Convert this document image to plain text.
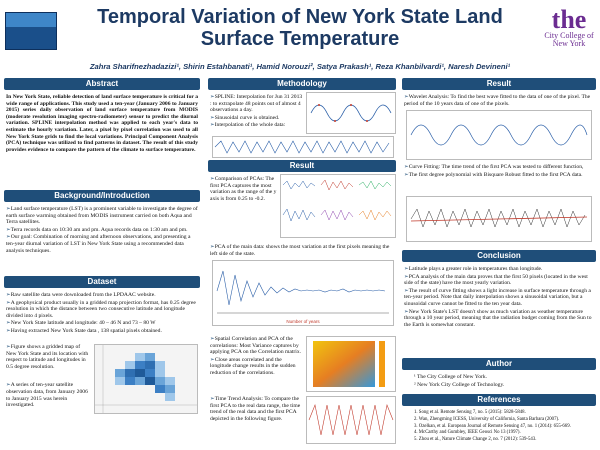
Temporal Variation of New York State Land Surface Temperature
the
City College of New York
Zahra Sharifnezhadazizi¹, Shirin Estahbanati¹, Hamid Norouzi², Satya Prakash¹, Reza Khanbilvardi¹, Naresh Devineni¹
Abstract

In New York State, reliable detection of land surface temperature is critical for a wide range of applications. This study used a ten-year (January 2006 to January 2015) series daily observation of land surface temperature from MODIS (moderate resolution imaging spectro-radiometer) sensor to predict the diurnal variation. SPLINE interpolation method was applied to each year's data to estimate the hourly variation. Later, a pixel by pixel correlation was used to all New York State grids to find the local variations. Principal Component Analysis (PCA) technique was utilized to find patterns in dataset. The result of this study provides evidence to compare the pattern of the climate to surface temperature.

Background/Introduction

➢ Land surface temperature (LST) is a prominent variable to investigate the degree of earth surface warming obtained from MODIS instrument carried on both Aqua and Terra satellites.

➢ Terra records data on 10:30 am and pm. Aqua records data on 1:30 am and pm.

➢ Our goal: Combination of morning and afternoon observations, and presenting a ten-year diurnal variation of LST in New York State using a recommended data analysis techniques.

Dataset

➢ Raw satellite data were downloaded from the LPDAAC website.

➢ A geophysical product usually in a gridded map projection format, has 0.25 degree resolution in which the distance between two consecutive latitude and longitude divided into 4 pixels.

➢ New York State latitude and longitude: 40 – 46 N and 73 – 80 W

➢ Having extracted New York State data , 138 spatial pixels obtained.

➢ Figure shows a gridded map of New York State and its location with respect to latitude and longitudes in 0.5 degree resolution.

➢ A series of ten-year satellite observation data, from January 2006 to January 2015 was herein investigated.

Methodology

➢ SPLINE: Interpolation for Jun 31 2013 : to extrapolate 48 points out of almost 4 observations a day.

➢ Sinusoidal curve is obtained.

➢ Interpolation of the whole data:

Result

➢ Comparison of PCAs: The first PCA captures the most variation as the range of the y axis is from 0.25 to -0.2.

➢ PCA of the main data: shows the most variation at the first pixels meaning the left side of the state.

Number of years

➢ Spatial Correlation and PCA of the correlations: Most Variance captures by applying PCA on the Correlation matrix.

➢ Close areas correlated and the longitude change results in the sudden reduction of the correlations.

➢ Time Trend Analysis: To compare the first PCA to the real data range, the time trend of the real data and the first PCA depicted in the following figure.

Result

➢ Wavelet Analysis: To find the best wave fitted to the data of one of the pixel. The period of the 10 years data of one of the pixels.

➢ Curve Fitting: The time trend of the first PCA was tested to different function,

➢ The first degree polynomial with Bisquare Robust fitted to the first PCA data.

Conclusion

➢ Latitude plays a greater role in temperatures than longitude.

➢ PCA analysis of the main data proves that the first 50 pixels (located in the west side of the state) have the most yearly variation.

➢ The result of curve fitting shows a light increase in surface temperature through a ten-year period. Note that daily interpolation shows a sinusoidal variation, but a sinusoidal curve cannot be fitted to the ten year data.

➢ New York State's LST doesn't show as much variation as weather temperature through a 10 year period, meaning that the radiation budget coming from the Sun to the Earth is somewhat constant.

Author

¹ The City College of New York.

² New York City College of Technology.

References

1. Song et al. Remote Sensing 7, no. 5 (2015): 5828-5848.

2. Wan, Zhengming ICESS, University of California, Santa Barbara (2007).

3. Ozelkan, et al. European Journal of Remote Sensing 47, no. 1 (2014): 655-669.

4. McCarthy and Gumbley, IEEE Geosci No 13 (1997).

5. Zhou et al., Nature Climate Change 2, no. 7 (2012): 539-543.
